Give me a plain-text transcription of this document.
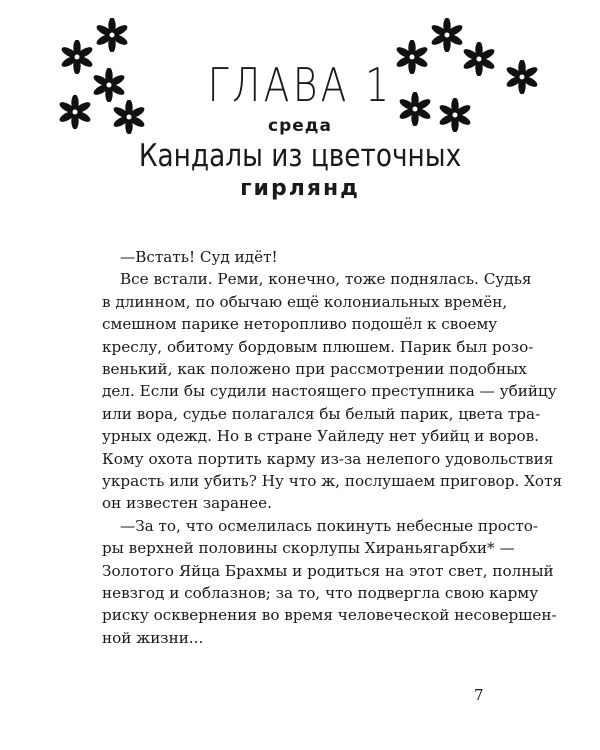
ГЛАВА 1
среда
Кандалы из цветочных
гирлянд
—Встать! Суд идёт!
Все встали. Реми, конечно, тоже поднялась. Судья
в длинном, по обычаю ещё колониальных времён,
смешном парике неторопливо подошёл к своему
креслу, обитому бордовым плюшем. Парик был розо-
венький, как положено при рассмотрении подобных
дел. Если бы судили настоящего преступника — убийцу
или вора, судье полагался бы белый парик, цвета тра-
урных одежд. Но в стране Уайледу нет убийц и воров.
Кому охота портить карму из-за нелепого удовольствия
украсть или убить? Ну что ж, послушаем приговор. Хотя
он известен заранее.
—За то, что осмелилась покинуть небесные просто-
ры верхней половины скорлупы Хираньягарбхи* —
Золотого Яйца Брахмы и родиться на этот свет, полный
невзгод и соблазнов; за то, что подвергла свою карму
риску осквернения во время человеческой несовершен-
ной жизни...
7
